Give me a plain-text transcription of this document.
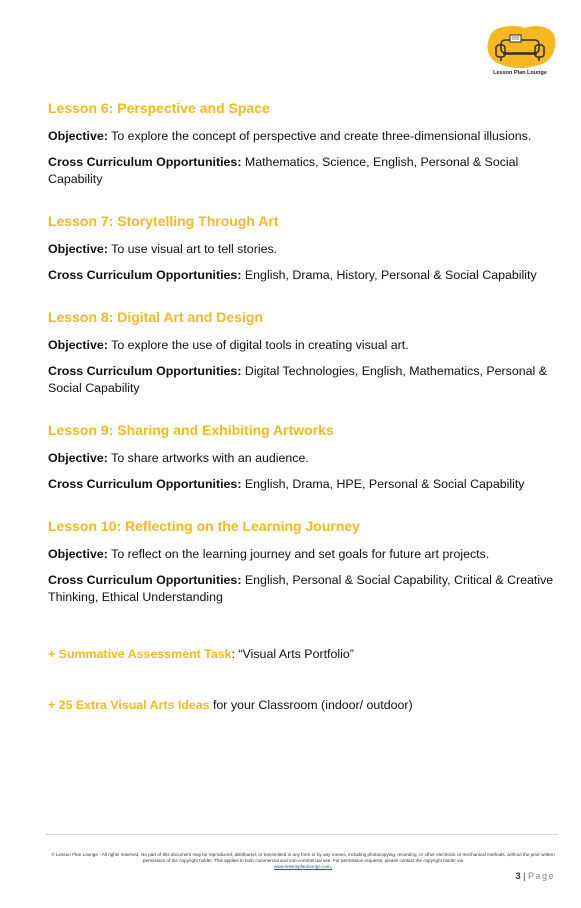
Lesson Plan Lounge
Lesson 6: Perspective and Space

Objective: To explore the concept of perspective and create three-dimensional illusions.

Cross Curriculum Opportunities: Mathematics, Science, English, Personal & Social Capability

Lesson 7: Storytelling Through Art

Objective: To use visual art to tell stories.

Cross Curriculum Opportunities: English, Drama, History, Personal & Social Capability

Lesson 8: Digital Art and Design

Objective: To explore the use of digital tools in creating visual art.

Cross Curriculum Opportunities: Digital Technologies, English, Mathematics, Personal & Social Capability

Lesson 9: Sharing and Exhibiting Artworks

Objective: To share artworks with an audience.

Cross Curriculum Opportunities: English, Drama, HPE, Personal & Social Capability

Lesson 10: Reflecting on the Learning Journey

Objective: To reflect on the learning journey and set goals for future art projects.

Cross Curriculum Opportunities: English, Personal & Social Capability, Critical & Creative Thinking, Ethical Understanding

+ Summative Assessment Task: “Visual Arts Portfolio”

+ 25 Extra Visual Arts Ideas for your Classroom (indoor/ outdoor)

© Lesson Plan Lounge - All rights reserved. No part of this document may be reproduced, distributed, or transmitted in any form or by any means, including photocopying, recording, or other electronic or mechanical methods, without the prior written permission of the copyright holder. This applies to both commercial and non-commercial use. For permission requests, please contact the copyright holder via
www.lessonplanlounge.com.
3 | Page
